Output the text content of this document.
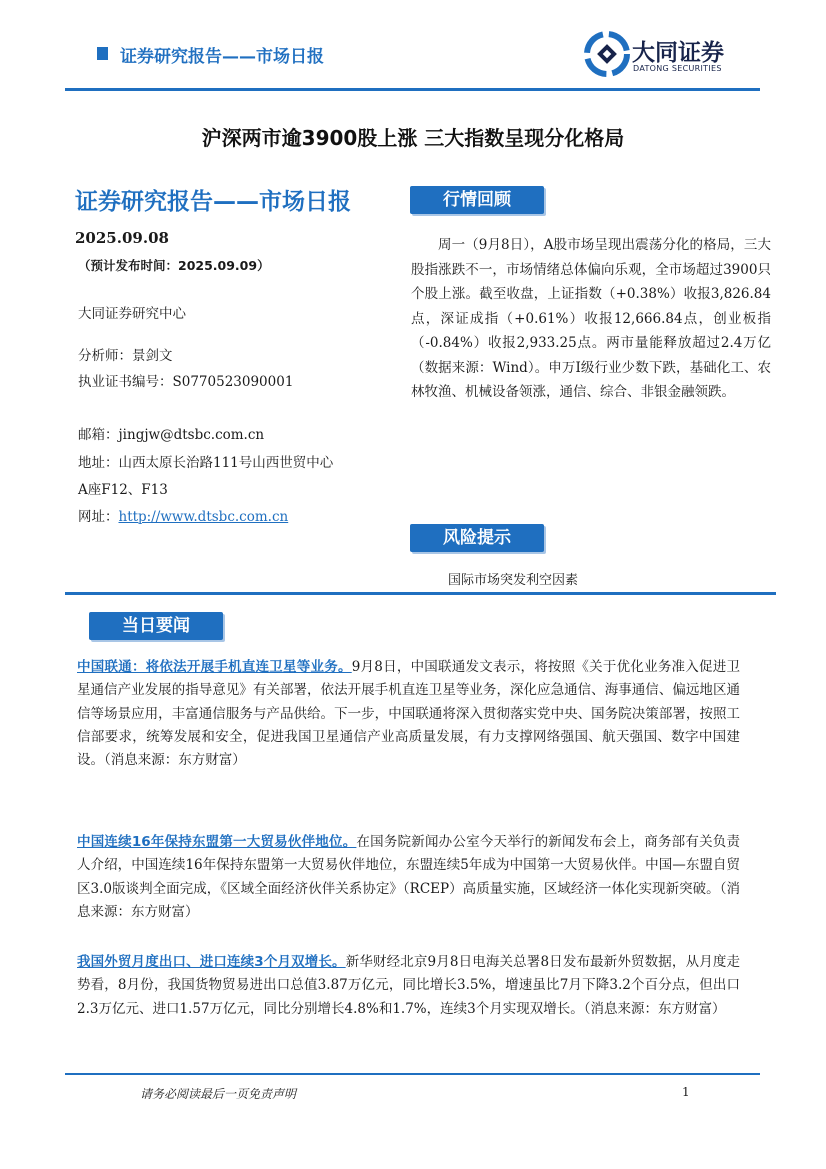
证券研究报告——市场日报	大同证券
DATONG SECURITIES
沪深两市逾3900股上涨 三大指数呈现分化格局
证券研究报告——市场日报
2025.09.08
（预计发布时间：2025.09.09）
大同证券研究中心
分析师：景剑文
执业证书编号：S0770523090001
邮箱：jingjw@dtsbc.com.cn
地址：山西太原长治路111号山西世贸中心
A座F12、F13
网址：http://www.dtsbc.com.cn
行情回顾
周一（9月8日），A股市场呈现出震荡分化的格局，三大股指涨跌不一，市场情绪总体偏向乐观，全市场超过3900只个股上涨。截至收盘，上证指数（+0.38%）收报3,826.84点，深证成指（+0.61%）收报12,666.84点，创业板指（-0.84%）收报2,933.25点。两市量能释放超过2.4万亿（数据来源：Wind）。申万I级行业少数下跌，基础化工、农林牧渔、机械设备领涨，通信、综合、非银金融领跌。
风险提示
国际市场突发利空因素
当日要闻
中国联通：将依法开展手机直连卫星等业务。9月8日，中国联通发文表示，将按照《关于优化业务准入促进卫星通信产业发展的指导意见》有关部署，依法开展手机直连卫星等业务，深化应急通信、海事通信、偏远地区通信等场景应用，丰富通信服务与产品供给。下一步，中国联通将深入贯彻落实党中央、国务院决策部署，按照工信部要求，统筹发展和安全，促进我国卫星通信产业高质量发展，有力支撑网络强国、航天强国、数字中国建设。（消息来源：东方财富）
中国连续16年保持东盟第一大贸易伙伴地位。在国务院新闻办公室今天举行的新闻发布会上，商务部有关负责人介绍，中国连续16年保持东盟第一大贸易伙伴地位，东盟连续5年成为中国第一大贸易伙伴。中国—东盟自贸区3.0版谈判全面完成，《区域全面经济伙伴关系协定》（RCEP）高质量实施，区域经济一体化实现新突破。（消息来源：东方财富）
我国外贸月度出口、进口连续3个月双增长。新华财经北京9月8日电海关总署8日发布最新外贸数据，从月度走势看，8月份，我国货物贸易进出口总值3.87万亿元，同比增长3.5%，增速虽比7月下降3.2个百分点，但出口2.3万亿元、进口1.57万亿元，同比分别增长4.8%和1.7%，连续3个月实现双增长。（消息来源：东方财富）
请务必阅读最后一页免责声明	1
